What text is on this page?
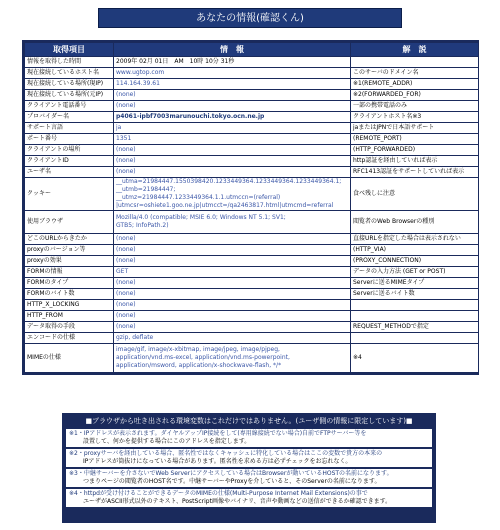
あなたの情報(確認くん)
取得項目	情　報	解　説
情報を取得した時間	2009年 02月 01日　AM　10時 10分 31秒	
現在接続しているホスト名	www.ugtop.com	このサーバのドメイン名
現在接続している場所(現IP)	114.164.39.61	※1(REMOTE_ADDR)
現在接続している場所(元IP)	(none)	※2(FORWARDED_FOR)
クライアント電話番号	(none)	一部の携帯電話のみ
プロバイダー名	p4061-ipbf7003marunouchi.tokyo.ocn.ne.jp	クライアントホスト名※3
サポート言語	ja	jaまたはJPNで日本語サポート
ポート番号	1351	(REMOTE_PORT)
クライアントの場所	(none)	(HTTP_FORWARDED)
クライアントID	(none)	http認証を経由していれば表示
ユーザ名	(none)	RFC1413認証をサポートしていれば表示
クッキー	__utma=21984447.1550398420.1233449364.1233449364.1233449364.1;
__utmb=21984447;
__utmz=21984447.1233449364.1.1.utmccn=(referral)
|utmcsr=oshiete1.goo.ne.jp|utmcct=/qa2463817.html|utmcmd=referral	食べ残しに注意
使用ブラウザ	Mozilla/4.0 (compatible; MSIE 6.0; Windows NT 5.1; SV1;
GTB5; InfoPath.2)	閲覧者のWeb Browserの種別
どこのURLからきたか	(none)	直接URLを指定した場合は表示されない
proxyのバージョン等	(none)	(HTTP_VIA)
proxyの効果	(none)	(PROXY_CONNECTION)
FORMの情報	GET	データの入力方法 (GET or POST)
FORMのタイプ	(none)	Serverに送るMIMEタイプ
FORMのバイト数	(none)	Serverに送るバイト数
HTTP_X_LOCKING	(none)	
HTTP_FROM	(none)	
データ取得の手段	(none)	REQUEST_METHODで指定
エンコードの仕様	gzip, deflate	
MIMEの仕様	image/gif, image/x-xbitmap, image/jpeg, image/pjpeg,
application/vnd.ms-excel, application/vnd.ms-powerpoint,
application/msword, application/x-shockwave-flash, */*	※4
■ブラウザから吐き出される環境変数はこれだけではありません。(ユーザ側の情報に限定しています)■
※1・IPアドレスが表示されます。ダイヤルアップIP接続をして(専用線接続でない場合)自前でFTPサーバー等を
設置して、何かを提供する場合にこのアドレスを指定します。
※2・proxyサーバを経由している場合、匿名性ではなくキャッシュに特化している場合はここの変数で貴方の本来の
IPアドレスが筒抜けになっている場合があります。匿名性を求める方は必ずチェックをお忘れなく。
※3・中継サーバーを介さないでWeb Serverにアクセスしている場合はBrowserが動いているHOSTの名前になります。
つまりページの閲覧者のHOST名です。中継サーバーやProxyを介していると、そのServerの名前になります。
※4・httpdが受け付けることができるデータのMIMEの仕様(Multi-Purpose Internet Mail Extensions)の事で
ユーザがASCII形式以外のテキスト、PostScript画像やバイナリ、音声や動画などの送信ができるか確認できます。
